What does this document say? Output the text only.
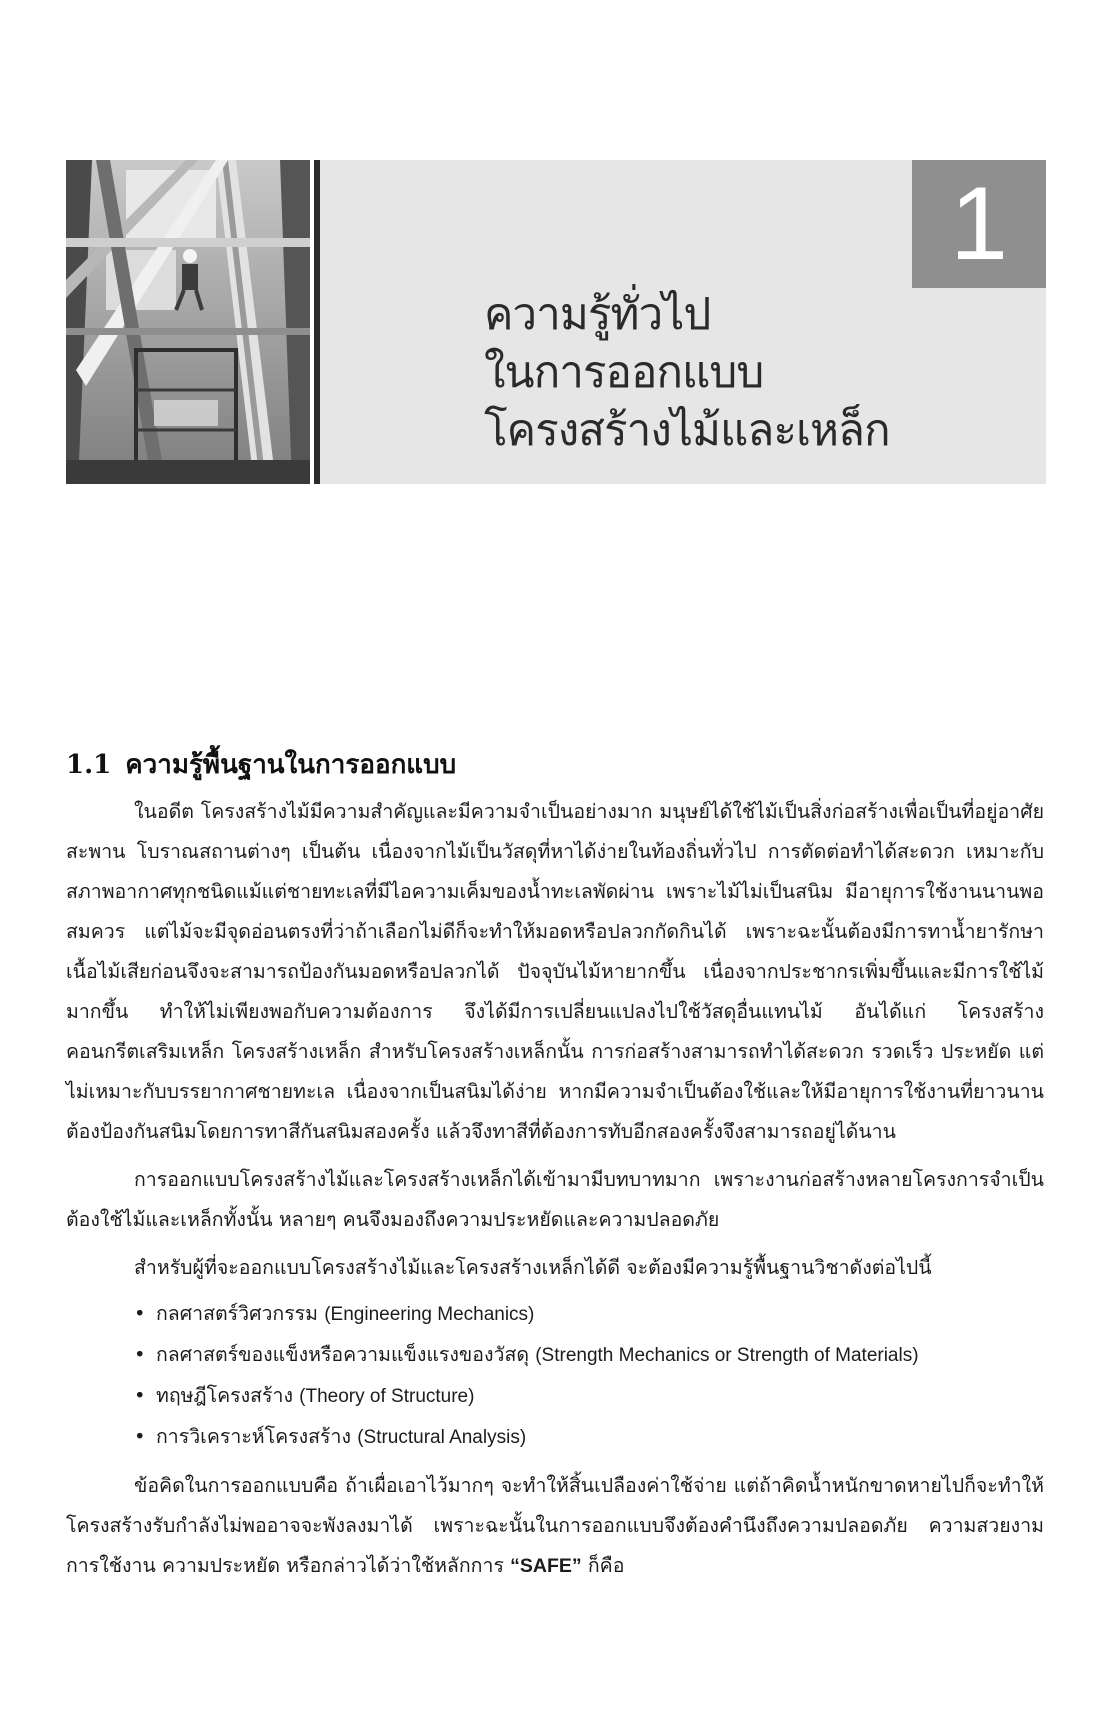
1
ความรู้ทั่วไป
ในการออกแบบ
โครงสร้างไม้และเหล็ก
1.1 ความรู้พื้นฐานในการออกแบบ

ในอดีต โครงสร้างไม้มีความสำคัญและมีความจำเป็นอย่างมาก มนุษย์ได้ใช้ไม้เป็นสิ่งก่อสร้างเพื่อเป็นที่อยู่อาศัย สะพาน โบราณสถานต่างๆ เป็นต้น เนื่องจากไม้เป็นวัสดุที่หาได้ง่ายในท้องถิ่นทั่วไป การตัดต่อทำได้สะดวก เหมาะกับสภาพอากาศทุกชนิดแม้แต่ชายทะเลที่มีไอความเค็มของน้ำทะเลพัดผ่าน เพราะไม้ไม่เป็นสนิม มีอายุการใช้งานนานพอสมควร แต่ไม้จะมีจุดอ่อนตรงที่ว่าถ้าเลือกไม่ดีก็จะทำให้มอดหรือปลวกกัดกินได้ เพราะฉะนั้นต้องมีการทาน้ำยารักษาเนื้อไม้เสียก่อนจึงจะสามารถป้องกันมอดหรือปลวกได้ ปัจจุบันไม้หายากขึ้น เนื่องจากประชากรเพิ่มขึ้นและมีการใช้ไม้มากขึ้น ทำให้ไม่เพียงพอกับความต้องการ จึงได้มีการเปลี่ยนแปลงไปใช้วัสดุอื่นแทนไม้ อันได้แก่ โครงสร้างคอนกรีตเสริมเหล็ก โครงสร้างเหล็ก สำหรับโครงสร้างเหล็กนั้น การก่อสร้างสามารถทำได้สะดวก รวดเร็ว ประหยัด แต่ไม่เหมาะกับบรรยากาศชายทะเล เนื่องจากเป็นสนิมได้ง่าย หากมีความจำเป็นต้องใช้และให้มีอายุการใช้งานที่ยาวนาน ต้องป้องกันสนิมโดยการทาสีกันสนิมสองครั้ง แล้วจึงทาสีที่ต้องการทับอีกสองครั้งจึงสามารถอยู่ได้นาน

การออกแบบโครงสร้างไม้และโครงสร้างเหล็กได้เข้ามามีบทบาทมาก เพราะงานก่อสร้างหลายโครงการจำเป็นต้องใช้ไม้และเหล็กทั้งนั้น หลายๆ คนจึงมองถึงความประหยัดและความปลอดภัย

สำหรับผู้ที่จะออกแบบโครงสร้างไม้และโครงสร้างเหล็กได้ดี จะต้องมีความรู้พื้นฐานวิชาดังต่อไปนี้

• กลศาสตร์วิศวกรรม (Engineering Mechanics)
• กลศาสตร์ของแข็งหรือความแข็งแรงของวัสดุ (Strength Mechanics or Strength of Materials)
• ทฤษฎีโครงสร้าง (Theory of Structure)
• การวิเคราะห์โครงสร้าง (Structural Analysis)

ข้อคิดในการออกแบบคือ ถ้าเผื่อเอาไว้มากๆ จะทำให้สิ้นเปลืองค่าใช้จ่าย แต่ถ้าคิดน้ำหนักขาดหายไปก็จะทำให้โครงสร้างรับกำลังไม่พออาจจะพังลงมาได้ เพราะฉะนั้นในการออกแบบจึงต้องคำนึงถึงความปลอดภัย ความสวยงาม การใช้งาน ความประหยัด หรือกล่าวได้ว่าใช้หลักการ “SAFE” ก็คือ
